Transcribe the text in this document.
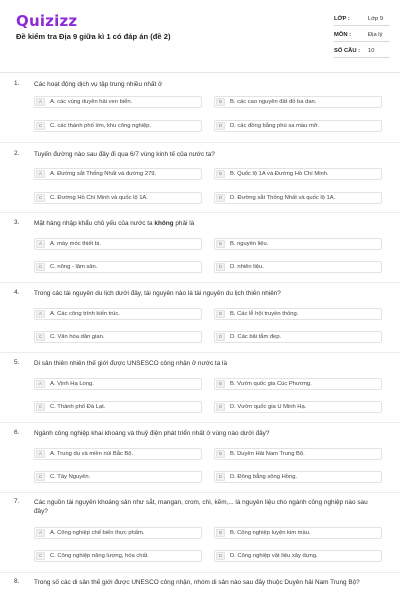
Quizizz
Đề kiểm tra Địa 9 giữa kì 1 có đáp án (đề 2)
LỚP :	Lớp 9
MÔN :	Địa lý
SỐ CÂU : 10
1. Các hoạt động dịch vụ tập trung nhiều nhất ở
A	A. các vùng duyên hải ven biển.	B	B. các cao nguyên đất đỏ ba dan.
C	C. các thành phố lớn, khu công nghiệp.	D	D. các đồng bằng phù sa màu mỡ.
2. Tuyến đường nào sau đây đi qua 6/7 vùng kinh tế của nước ta?
A	A. Đường sắt Thống Nhất và đường 279.	B	B. Quốc lộ 1A và Đường Hồ Chí Minh.
C	C. Đường Hồ Chí Minh và quốc lộ 1A.	D	D. Đường sắt Thống Nhất và quốc lộ 1A.
3. Mặt hàng nhập khẩu chủ yếu của nước ta không phải là
A	A. máy móc thiết bị.	B	B. nguyên liệu.
C	C. nông - lâm sản.	D	D. nhiên liệu.
4. Trong các tài nguyên du lịch dưới đây, tài nguyên nào là tài nguyên du lịch thiên nhiên?
A	A. Các công trình kiến trúc.	B	B. Các lễ hội truyền thống.
C	C. Văn hóa dân gian.	D	D. Các bãi tắm đẹp.
5. Di sản thiên nhiên thế giới được UNSESCO công nhận ở nước ta là
A	A. Vịnh Hạ Long.	B	B. Vườn quốc gia Cúc Phương.
C	C. Thành phố Đà Lạt.	D	D. Vườn quốc gia U Minh Hạ.
6. Ngành công nghiệp khai khoáng và thuỷ điện phát triển nhất ở vùng nào dưới đây?
A	A. Trung du và miền núi Bắc Bộ.	B	B. Duyên Hải Nam Trung Bộ.
C	C. Tây Nguyên.	D	D. Đồng bằng sông Hồng.
7. Các nguồn tài nguyên khoáng sản như sắt, mangan, crom, chì, kẽm,... là nguyên liệu cho ngành công nghiệp nào sau đây?
A	A. Công nghiệp chế biến thực phẩm.	B	B. Công nghiệp luyện kim màu.
C	C. Công nghiệp năng lượng, hóa chất.	D	D. Công nghiệp vật liệu xây dựng.
8. Trong số các di sản thế giới được UNESCO công nhận, nhóm di sản nào sau đây thuộc Duyên hải Nam Trung Bộ?
